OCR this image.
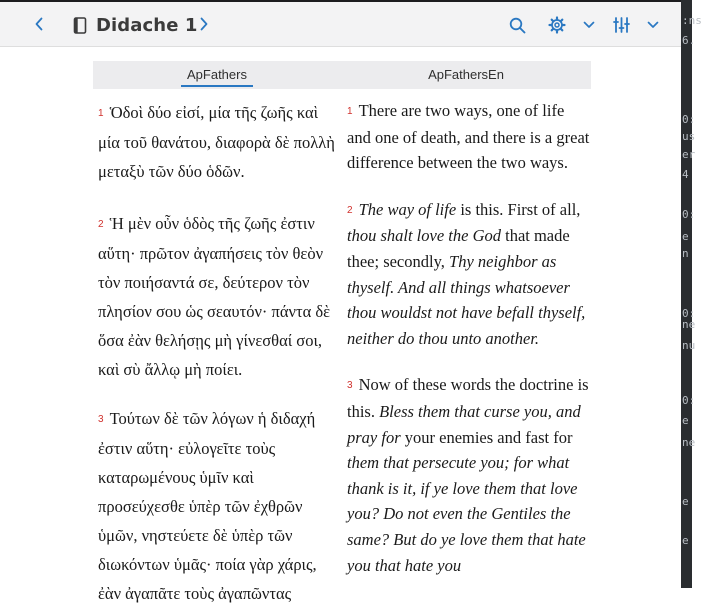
Didache 1	:ns
6.
0:
us
er
4
0:
e
n
0:
ne
nu
0:
e
ne
e
e
ApFathers	ApFathersEn

1 Ὁδοὶ δύο εἰσί, μία τῆς ζωῆς καὶ μία τοῦ θανάτου, διαφορὰ δὲ πολλὴ μεταξὺ τῶν δύο ὁδῶν.

2 Ἡ μὲν οὖν ὁδὸς τῆς ζωῆς ἐστιν αὕτη· πρῶτον ἀγαπήσεις τὸν θεὸν τὸν ποιήσαντά σε, δεύτερον τὸν πλησίον σου ὡς σεαυτόν· πάντα δὲ ὅσα ἐὰν θελήσῃς μὴ γίνεσθαί σοι, καὶ σὺ ἄλλῳ μὴ ποίει.

3 Τούτων δὲ τῶν λόγων ἡ διδαχή ἐστιν αὕτη· εὐλογεῖτε τοὺς καταρωμένους ὑμῖν καὶ προσεύχεσθε ὑπὲρ τῶν ἐχθρῶν ὑμῶν, νηστεύετε δὲ ὑπὲρ τῶν διωκόντων ὑμᾶς· ποία γὰρ χάρις, ἐὰν ἀγαπᾶτε τοὺς ἀγαπῶντας

1 There are two ways, one of life and one of death, and there is a great difference between the two ways.

2 The way of life is this. First of all, thou shalt love the God that made thee; secondly, Thy neighbor as thyself. And all things whatsoever thou wouldst not have befall thyself, neither do thou unto another.

3 Now of these words the doctrine is this. Bless them that curse you, and pray for your enemies and fast for them that persecute you; for what thank is it, if ye love them that love you? Do not even the Gentiles the same? But do ye love them that hate you that hate you
